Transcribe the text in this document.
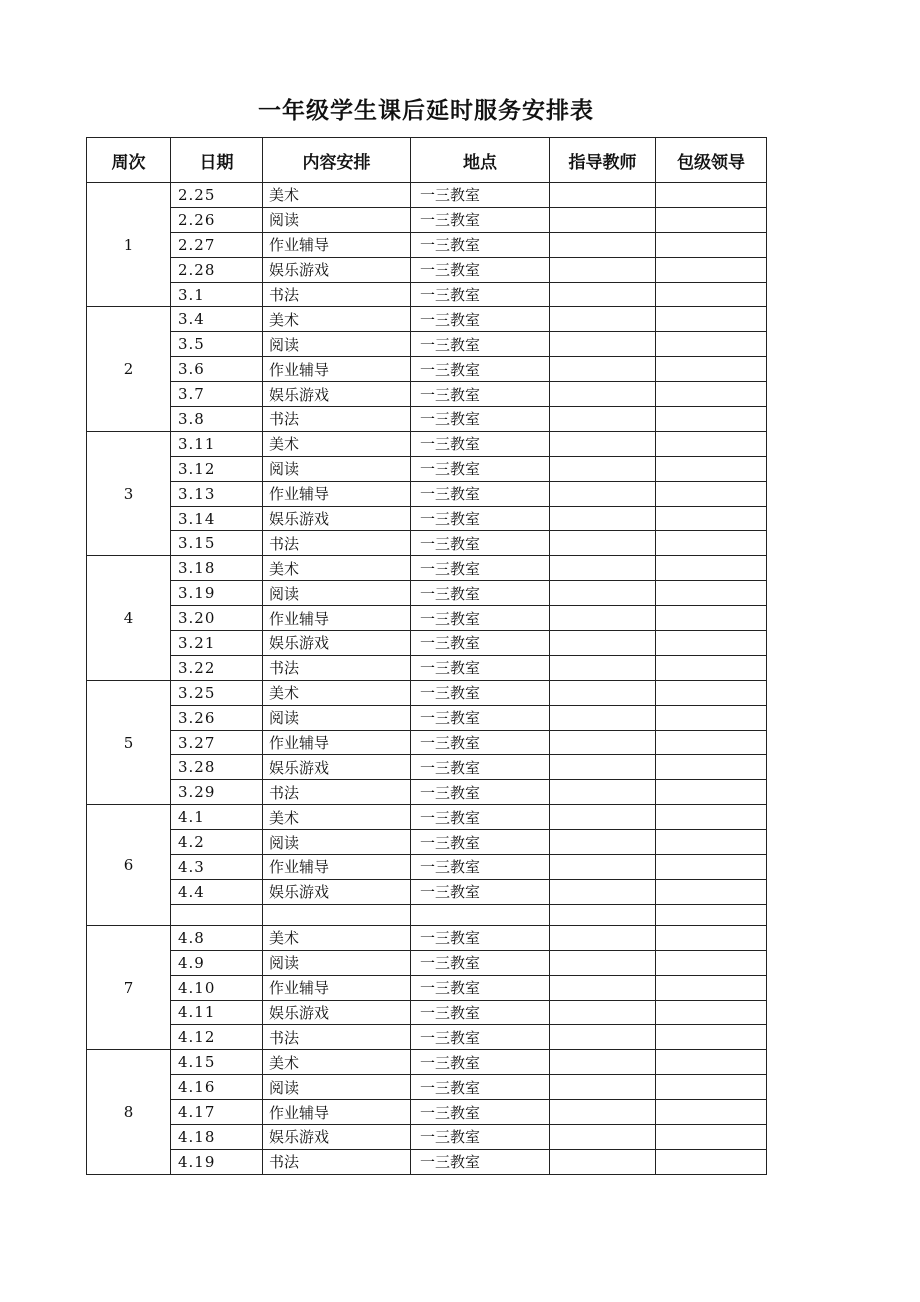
一年级学生课后延时服务安排表
周次	日期	内容安排	地点	指导教师	包级领导
1	2.25	美术	一三教室		
	2.26	阅读	一三教室		
	2.27	作业辅导	一三教室		
	2.28	娱乐游戏	一三教室		
	3.1	书法	一三教室		
2	3.4	美术	一三教室		
	3.5	阅读	一三教室		
	3.6	作业辅导	一三教室		
	3.7	娱乐游戏	一三教室		
	3.8	书法	一三教室		
3	3.11	美术	一三教室		
	3.12	阅读	一三教室		
	3.13	作业辅导	一三教室		
	3.14	娱乐游戏	一三教室		
	3.15	书法	一三教室		
4	3.18	美术	一三教室		
	3.19	阅读	一三教室		
	3.20	作业辅导	一三教室		
	3.21	娱乐游戏	一三教室		
	3.22	书法	一三教室		
5	3.25	美术	一三教室		
	3.26	阅读	一三教室		
	3.27	作业辅导	一三教室		
	3.28	娱乐游戏	一三教室		
	3.29	书法	一三教室		
6	4.1	美术	一三教室		
	4.2	阅读	一三教室		
	4.3	作业辅导	一三教室		
	4.4	娱乐游戏	一三教室		

7	4.8	美术	一三教室		
	4.9	阅读	一三教室		
	4.10	作业辅导	一三教室		
	4.11	娱乐游戏	一三教室		
	4.12	书法	一三教室		
8	4.15	美术	一三教室		
	4.16	阅读	一三教室		
	4.17	作业辅导	一三教室		
	4.18	娱乐游戏	一三教室		
	4.19	书法	一三教室		
